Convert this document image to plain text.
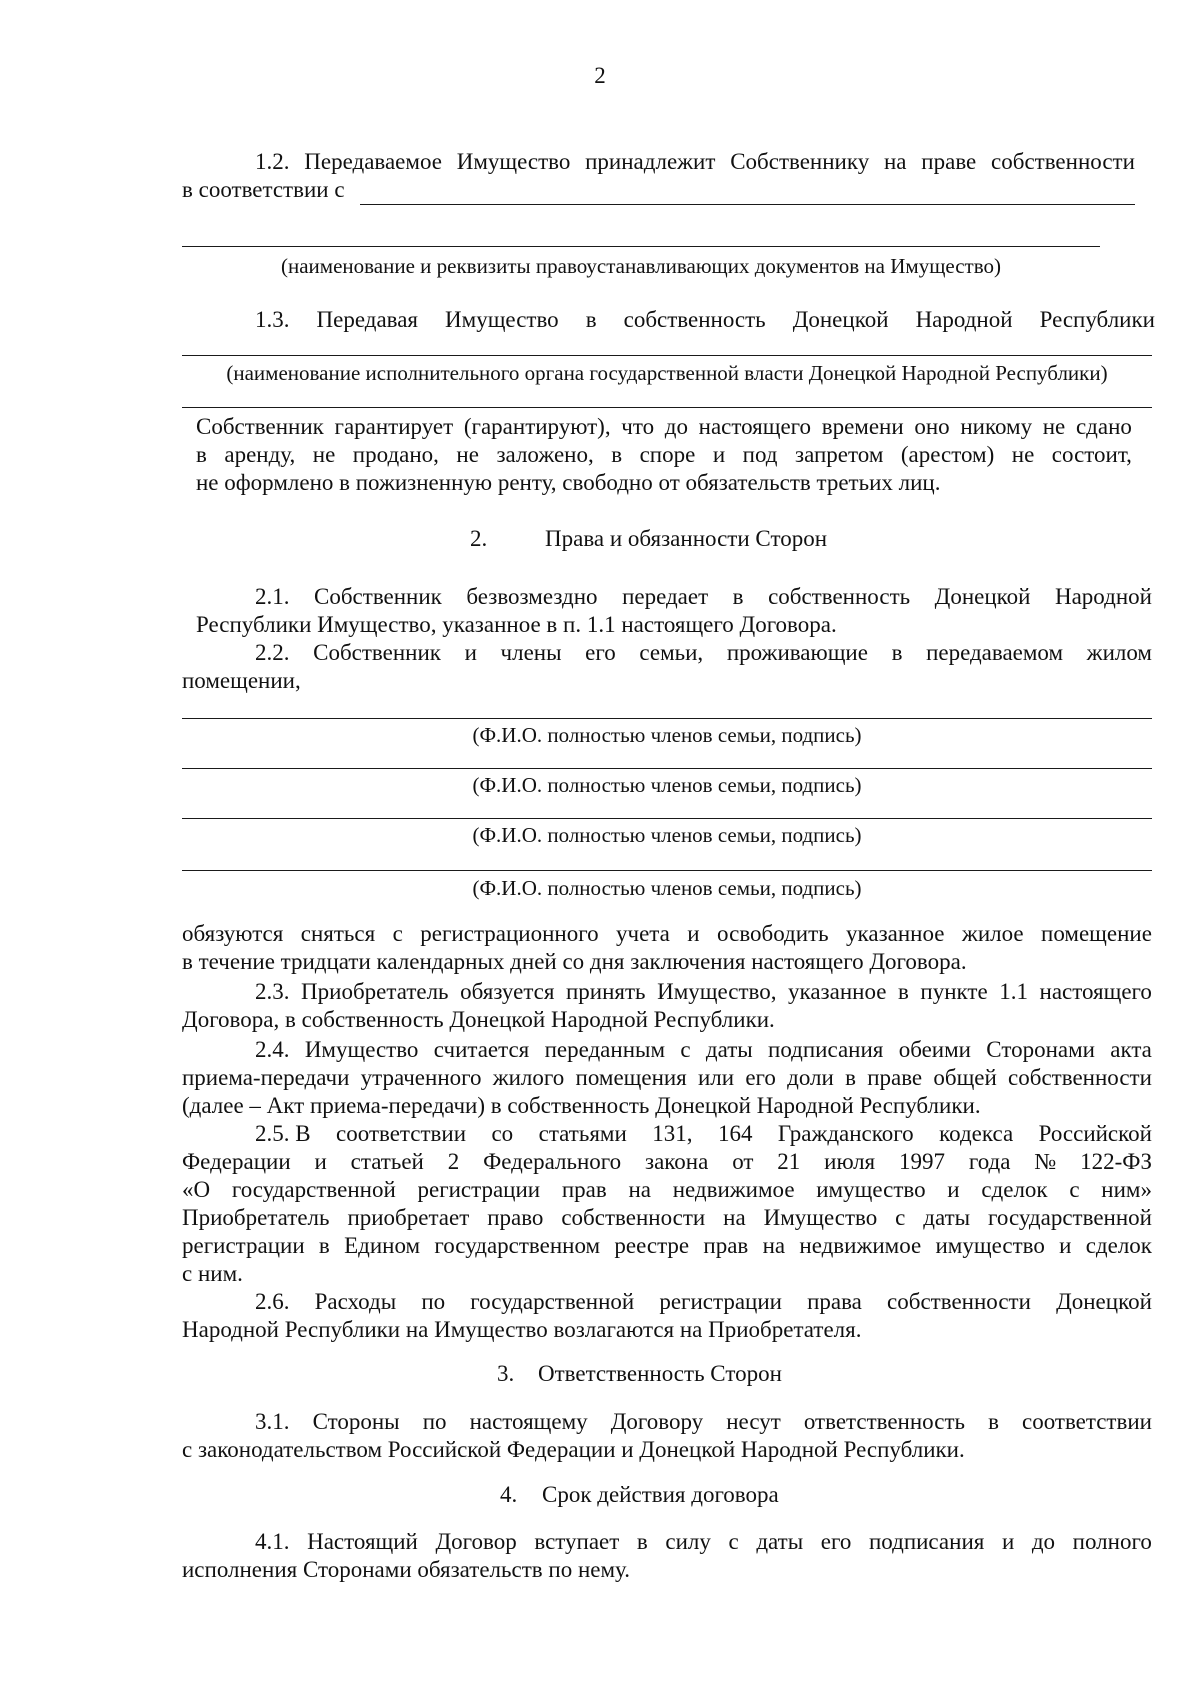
2
1.2. Передаваемое Имущество принадлежит Собственнику на праве собственности
в соответствии с
(наименование и реквизиты правоустанавливающих документов на Имущество)
1.3. Передавая Имущество в собственность Донецкой Народной Республики
(наименование исполнительного органа государственной власти Донецкой Народной Республики)
Собственник гарантирует (гарантируют), что до настоящего времени оно никому не сдано
в аренду, не продано, не заложено, в споре и под запретом (арестом) не состоит,
не оформлено в пожизненную ренту, свободно от обязательств третьих лиц.
2.	Права и обязанности Сторон
2.1. Собственник безвозмездно передает в собственность Донецкой Народной
Республики Имущество, указанное в п. 1.1 настоящего Договора.
2.2. Собственник и члены его семьи, проживающие в передаваемом жилом
помещении,
(Ф.И.О. полностью членов семьи, подпись)
(Ф.И.О. полностью членов семьи, подпись)
(Ф.И.О. полностью членов семьи, подпись)
(Ф.И.О. полностью членов семьи, подпись)
обязуются сняться с регистрационного учета и освободить указанное жилое помещение
в течение тридцати календарных дней со дня заключения настоящего Договора.
2.3. Приобретатель обязуется принять Имущество, указанное в пункте 1.1 настоящего
Договора, в собственность Донецкой Народной Республики.
2.4. Имущество считается переданным с даты подписания обеими Сторонами акта
приема-передачи утраченного жилого помещения или его доли в праве общей собственности
(далее – Акт приема-передачи) в собственность Донецкой Народной Республики.
2.5. В соответствии со статьями 131, 164 Гражданского кодекса Российской
Федерации и статьей 2 Федерального закона от 21 июля 1997 года № 122-ФЗ
«О государственной регистрации прав на недвижимое имущество и сделок с ним»
Приобретатель приобретает право собственности на Имущество с даты государственной
регистрации в Едином государственном реестре прав на недвижимое имущество и сделок
с ним.
2.6. Расходы по государственной регистрации права собственности Донецкой
Народной Республики на Имущество возлагаются на Приобретателя.
3. Ответственность Сторон
3.1. Стороны по настоящему Договору несут ответственность в соответствии
с законодательством Российской Федерации и Донецкой Народной Республики.
4. Срок действия договора
4.1. Настоящий Договор вступает в силу с даты его подписания и до полного
исполнения Сторонами обязательств по нему.
